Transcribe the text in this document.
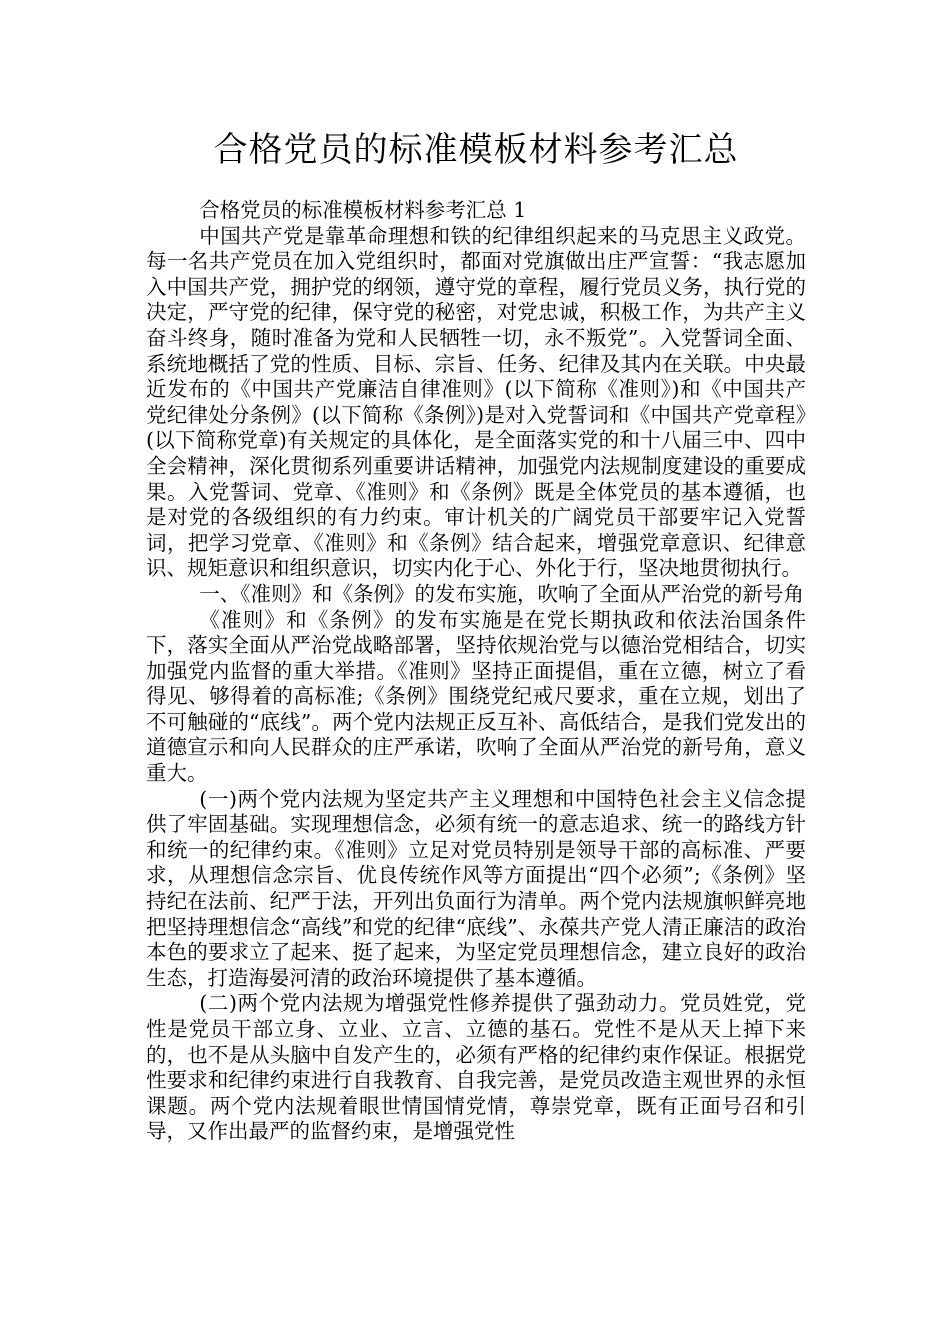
合格党员的标准模板材料参考汇总

合格党员的标准模板材料参考汇总 1

中国共产党是靠革命理想和铁的纪律组织起来的马克思主义政党。每一名共产党员在加入党组织时，都面对党旗做出庄严宣誓：“我志愿加入中国共产党，拥护党的纲领，遵守党的章程，履行党员义务，执行党的决定，严守党的纪律，保守党的秘密，对党忠诚，积极工作，为共产主义奋斗终身，随时准备为党和人民牺牲一切，永不叛党”。入党誓词全面、系统地概括了党的性质、目标、宗旨、任务、纪律及其内在关联。中央最近发布的《中国共产党廉洁自律准则》(以下简称《准则》)和《中国共产党纪律处分条例》(以下简称《条例》)是对入党誓词和《中国共产党章程》(以下简称党章)有关规定的具体化，是全面落实党的和十八届三中、四中全会精神，深化贯彻系列重要讲话精神，加强党内法规制度建设的重要成果。入党誓词、党章、《准则》和《条例》既是全体党员的基本遵循，也是对党的各级组织的有力约束。审计机关的广阔党员干部要牢记入党誓词，把学习党章、《准则》和《条例》结合起来，增强党章意识、纪律意识、规矩意识和组织意识，切实内化于心、外化于行，坚决地贯彻执行。

一、《准则》和《条例》的发布实施，吹响了全面从严治党的新号角

《准则》和《条例》的发布实施是在党长期执政和依法治国条件下，落实全面从严治党战略部署，坚持依规治党与以德治党相结合，切实加强党内监督的重大举措。《准则》坚持正面提倡，重在立德，树立了看得见、够得着的高标准;《条例》围绕党纪戒尺要求，重在立规，划出了不可触碰的“底线”。两个党内法规正反互补、高低结合，是我们党发出的道德宣示和向人民群众的庄严承诺，吹响了全面从严治党的新号角，意义重大。

(一)两个党内法规为坚定共产主义理想和中国特色社会主义信念提供了牢固基础。实现理想信念，必须有统一的意志追求、统一的路线方针和统一的纪律约束。《准则》立足对党员特别是领导干部的高标准、严要求，从理想信念宗旨、优良传统作风等方面提出“四个必须”;《条例》坚持纪在法前、纪严于法，开列出负面行为清单。两个党内法规旗帜鲜亮地把坚持理想信念“高线”和党的纪律“底线”、永葆共产党人清正廉洁的政治本色的要求立了起来、挺了起来，为坚定党员理想信念，建立良好的政治生态，打造海晏河清的政治环境提供了基本遵循。

(二)两个党内法规为增强党性修养提供了强劲动力。党员姓党，党性是党员干部立身、立业、立言、立德的基石。党性不是从天上掉下来的，也不是从头脑中自发产生的，必须有严格的纪律约束作保证。根据党性要求和纪律约束进行自我教育、自我完善，是党员改造主观世界的永恒课题。两个党内法规着眼世情国情党情，尊崇党章，既有正面号召和引导，又作出最严的监督约束，是增强党性
